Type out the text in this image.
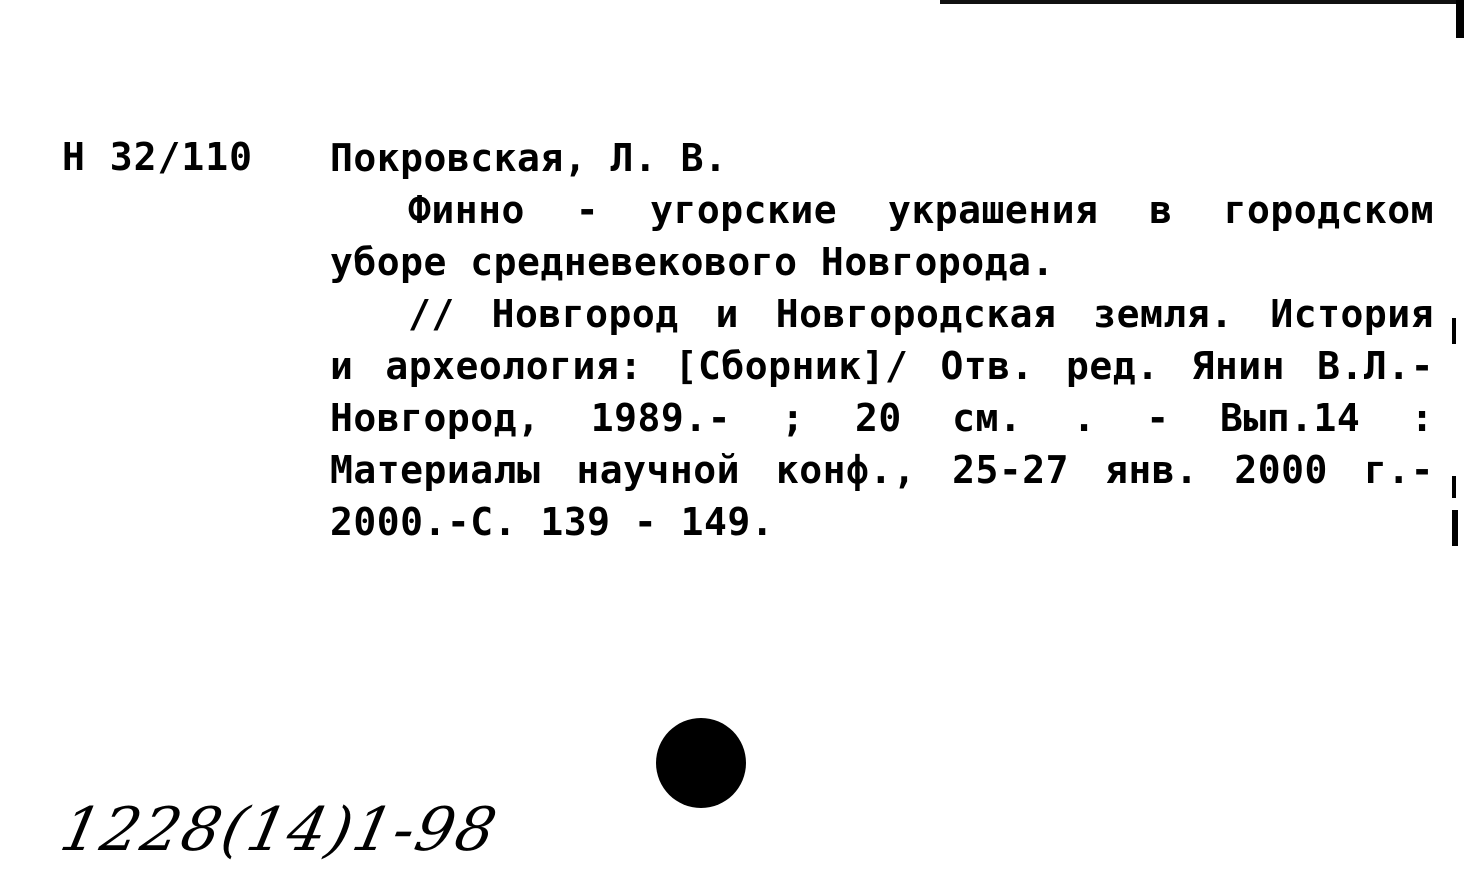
Н 32/110 Покровская, Л. В.
Финно - угорские украшения в городском
уборе средневекового Новгорода.
// Новгород и Новгородская земля. История
и археология: [Сборник]/ Отв. ред. Янин В.Л.-
Новгород, 1989.- ; 20 см. . - Вып.14 :
Материалы научной конф., 25-27 янв. 2000 г.-
2000.-С. 139 - 149.
1228(14)1-98
